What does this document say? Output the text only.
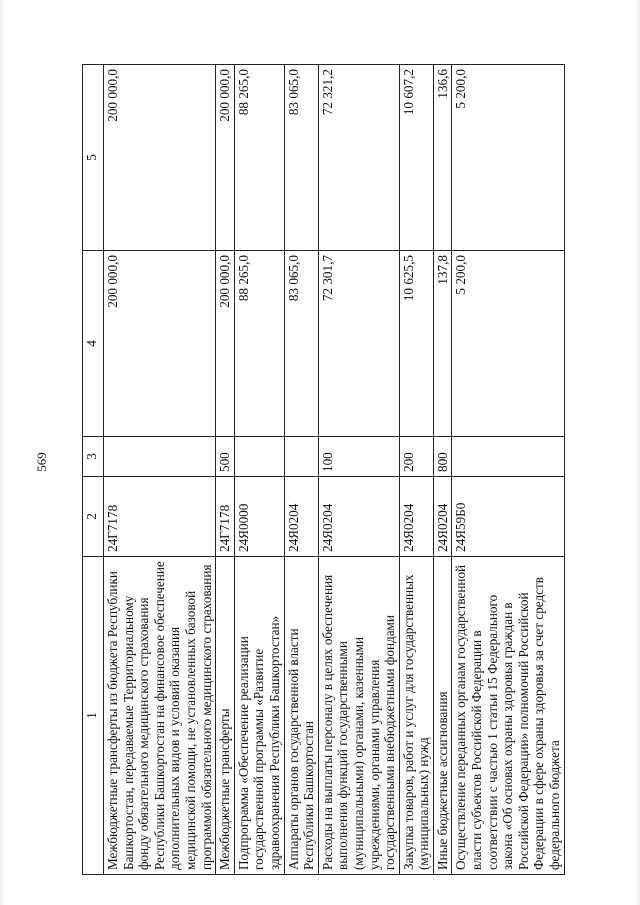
569
1	2	3	4	5
Межбюджетные трансферты из бюджета Республики Башкортостан, передаваемые Территориальному фонду обязательного медицинского страхования Республики Башкортостан на финансовое обеспечение дополнительных видов и условий оказания медицинской помощи, не установленных базовой программой обязательного медицинского страхования	24Г7178		200 000,0	200 000,0
Межбюджетные трансферты	24Г7178	500	200 000,0	200 000,0
Подпрограмма «Обеспечение реализации государственной программы «Развитие здравоохранения Республики Башкортостан»	24Я0000		88 265,0	88 265,0
Аппараты органов государственной власти Республики Башкортостан	24Я0204		83 065,0	83 065,0
Расходы на выплаты персоналу в целях обеспечения выполнения функций государственными (муниципальными) органами, казенными учреждениями, органами управления государственными внебюджетными фондами	24Я0204	100	72 301,7	72 321,2
Закупка товаров, работ и услуг для государственных (муниципальных) нужд	24Я0204	200	10 625,5	10 607,2
Иные бюджетные ассигнования	24Я0204	800	137,8	136,6
Осуществление переданных органам государственной власти субъектов Российской Федерации в соответствии с частью 1 статьи 15 Федерального закона «Об основах охраны здоровья граждан в Российской Федерации» полномочий Российской Федерации в сфере охраны здоровья за счет средств федерального бюджета	24Я59Б0		5 200,0	5 200,0
